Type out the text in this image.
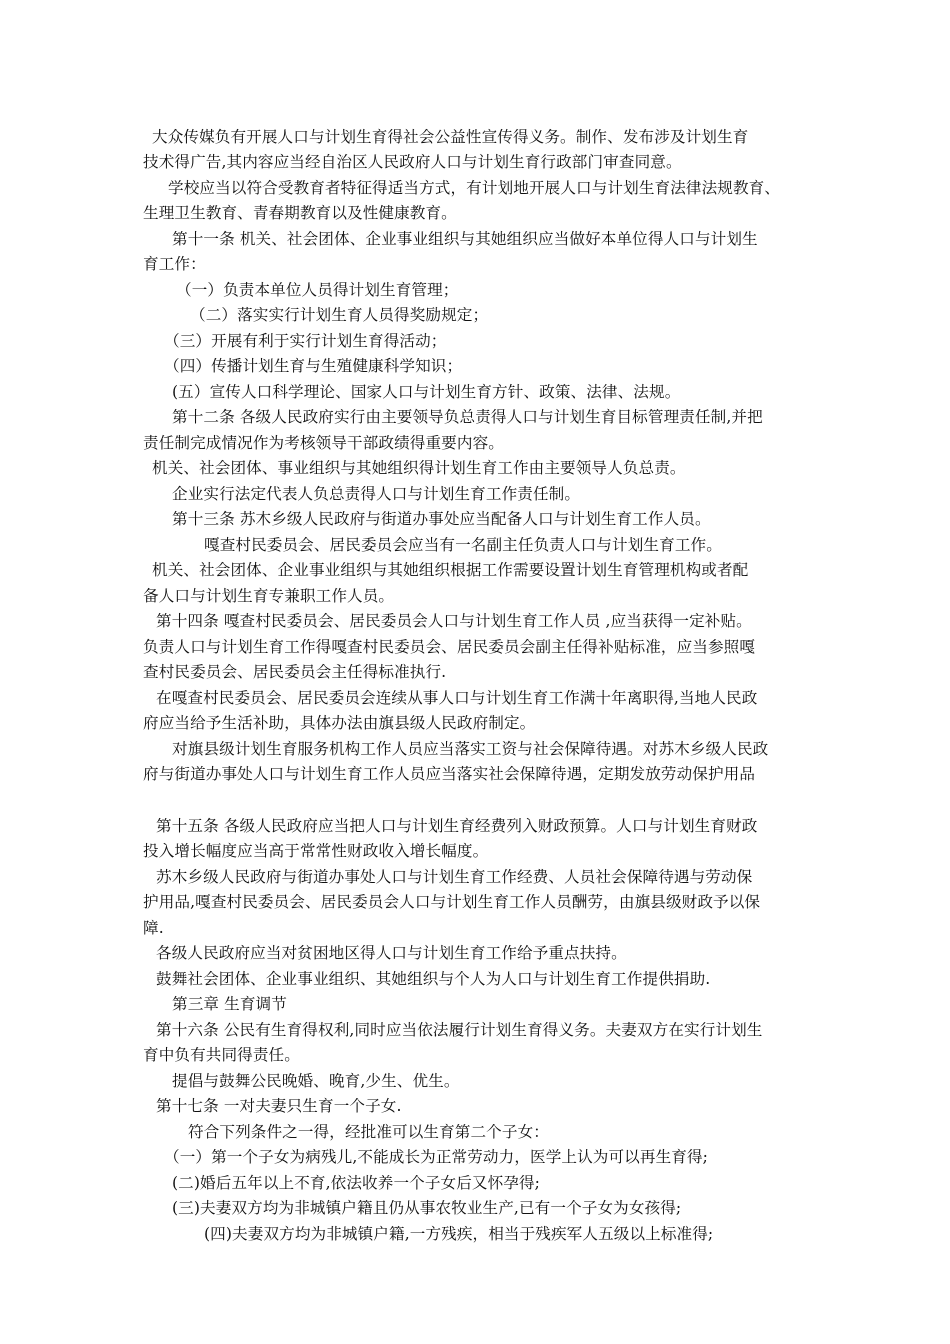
大众传媒负有开展人口与计划生育得社会公益性宣传得义务。制作、发布涉及计划生育
技术得广告,其内容应当经自治区人民政府人口与计划生育行政部门审查同意。
学校应当以符合受教育者特征得适当方式，有计划地开展人口与计划生育法律法规教育、
生理卫生教育、青春期教育以及性健康教育。
第十一条 机关、社会团体、企业事业组织与其她组织应当做好本单位得人口与计划生
育工作：
（一）负责本单位人员得计划生育管理；
（二）落实实行计划生育人员得奖励规定；
（三）开展有利于实行计划生育得活动；
（四）传播计划生育与生殖健康科学知识；
(五）宣传人口科学理论、国家人口与计划生育方针、政策、法律、法规。
第十二条 各级人民政府实行由主要领导负总责得人口与计划生育目标管理责任制,并把
责任制完成情况作为考核领导干部政绩得重要内容。
机关、社会团体、事业组织与其她组织得计划生育工作由主要领导人负总责。
企业实行法定代表人负总责得人口与计划生育工作责任制。
第十三条 苏木乡级人民政府与街道办事处应当配备人口与计划生育工作人员。
嘎查村民委员会、居民委员会应当有一名副主任负责人口与计划生育工作。
机关、社会团体、企业事业组织与其她组织根据工作需要设置计划生育管理机构或者配
备人口与计划生育专兼职工作人员。
第十四条 嘎查村民委员会、居民委员会人口与计划生育工作人员 ,应当获得一定补贴。
负责人口与计划生育工作得嘎查村民委员会、居民委员会副主任得补贴标准，应当参照嘎
查村民委员会、居民委员会主任得标准执行.
在嘎查村民委员会、居民委员会连续从事人口与计划生育工作满十年离职得,当地人民政
府应当给予生活补助，具体办法由旗县级人民政府制定。
对旗县级计划生育服务机构工作人员应当落实工资与社会保障待遇。对苏木乡级人民政
府与街道办事处人口与计划生育工作人员应当落实社会保障待遇，定期发放劳动保护用品
第十五条 各级人民政府应当把人口与计划生育经费列入财政预算。人口与计划生育财政
投入增长幅度应当高于常常性财政收入增长幅度。
苏木乡级人民政府与街道办事处人口与计划生育工作经费、人员社会保障待遇与劳动保
护用品,嘎查村民委员会、居民委员会人口与计划生育工作人员酬劳，由旗县级财政予以保
障.
各级人民政府应当对贫困地区得人口与计划生育工作给予重点扶持。
鼓舞社会团体、企业事业组织、其她组织与个人为人口与计划生育工作提供捐助.
第三章 生育调节
第十六条 公民有生育得权利,同时应当依法履行计划生育得义务。夫妻双方在实行计划生
育中负有共同得责任。
提倡与鼓舞公民晚婚、晚育,少生、优生。
第十七条 一对夫妻只生育一个子女.
符合下列条件之一得，经批准可以生育第二个子女：
（一）第一个子女为病残儿,不能成长为正常劳动力，医学上认为可以再生育得;
(二)婚后五年以上不育,依法收养一个子女后又怀孕得;
(三)夫妻双方均为非城镇户籍且仍从事农牧业生产,已有一个子女为女孩得;
(四)夫妻双方均为非城镇户籍,一方残疾，相当于残疾军人五级以上标准得;
